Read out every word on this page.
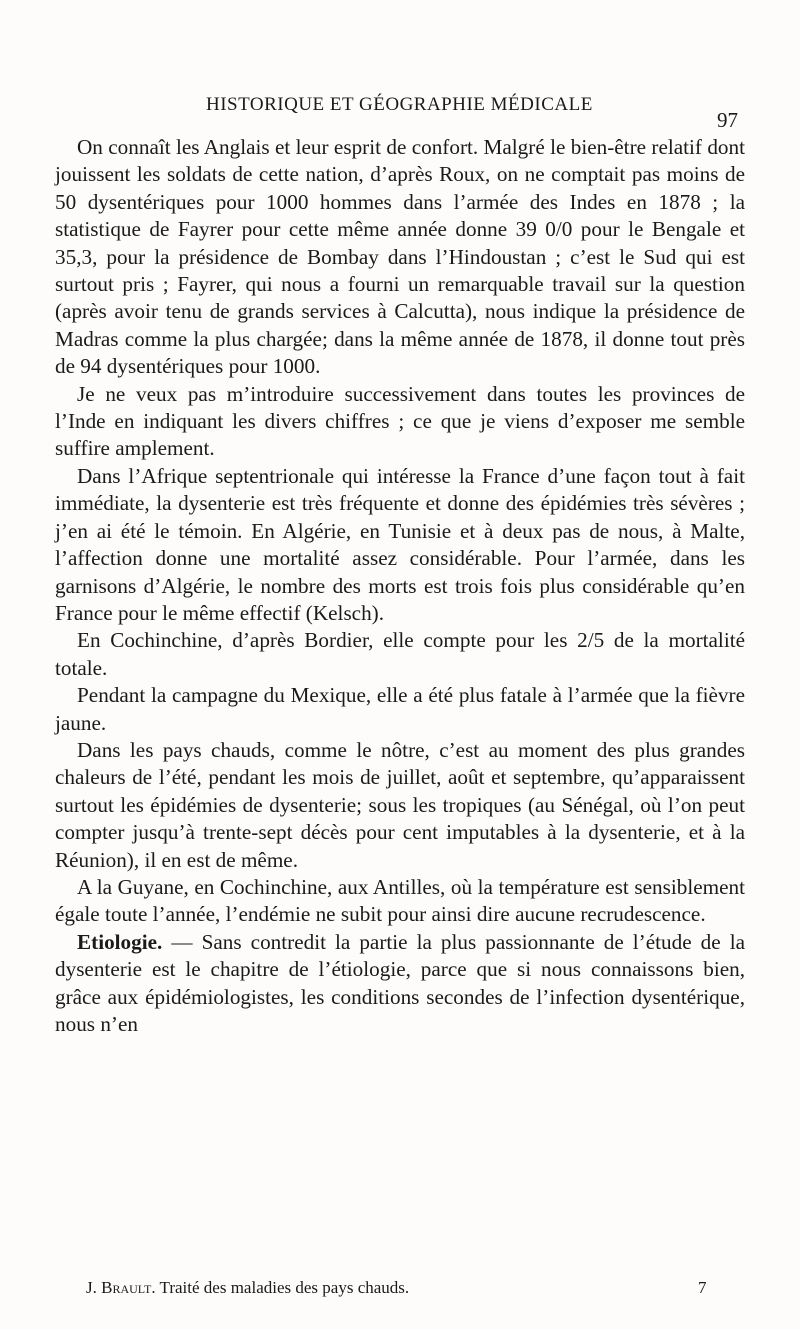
HISTORIQUE ET GÉOGRAPHIE MÉDICALE
97

On connaît les Anglais et leur esprit de confort. Malgré le bien-être relatif dont jouissent les soldats de cette nation, d’après Roux, on ne comptait pas moins de 50 dysentériques pour 1000 hommes dans l’armée des Indes en 1878 ; la statistique de Fayrer pour cette même année donne 39 0/0 pour le Bengale et 35,3, pour la présidence de Bombay dans l’Hindoustan ; c’est le Sud qui est surtout pris ; Fayrer, qui nous a fourni un remarquable travail sur la question (après avoir tenu de grands services à Calcutta), nous indique la présidence de Madras comme la plus chargée; dans la même année de 1878, il donne tout près de 94 dysentériques pour 1000.

Je ne veux pas m’introduire successivement dans toutes les provinces de l’Inde en indiquant les divers chiffres ; ce que je viens d’exposer me semble suffire amplement.

Dans l’Afrique septentrionale qui intéresse la France d’une façon tout à fait immédiate, la dysenterie est très fréquente et donne des épidémies très sévères ; j’en ai été le témoin. En Algérie, en Tunisie et à deux pas de nous, à Malte, l’affection donne une mortalité assez considérable. Pour l’armée, dans les garnisons d’Algérie, le nombre des morts est trois fois plus considérable qu’en France pour le même effectif (Kelsch).

En Cochinchine, d’après Bordier, elle compte pour les 2/5 de la mortalité totale.

Pendant la campagne du Mexique, elle a été plus fatale à l’armée que la fièvre jaune.

Dans les pays chauds, comme le nôtre, c’est au moment des plus grandes chaleurs de l’été, pendant les mois de juillet, août et septembre, qu’apparaissent surtout les épidémies de dysenterie; sous les tropiques (au Sénégal, où l’on peut compter jusqu’à trente-sept décès pour cent imputables à la dysenterie, et à la Réunion), il en est de même.

A la Guyane, en Cochinchine, aux Antilles, où la température est sensiblement égale toute l’année, l’endémie ne subit pour ainsi dire aucune recrudescence.

Etiologie. — Sans contredit la partie la plus passionnante de l’étude de la dysenterie est le chapitre de l’étiologie, parce que si nous connaissons bien, grâce aux épidémiologistes, les conditions secondes de l’infection dysentérique, nous n’en

J. Brault. Traité des maladies des pays chauds.	7
